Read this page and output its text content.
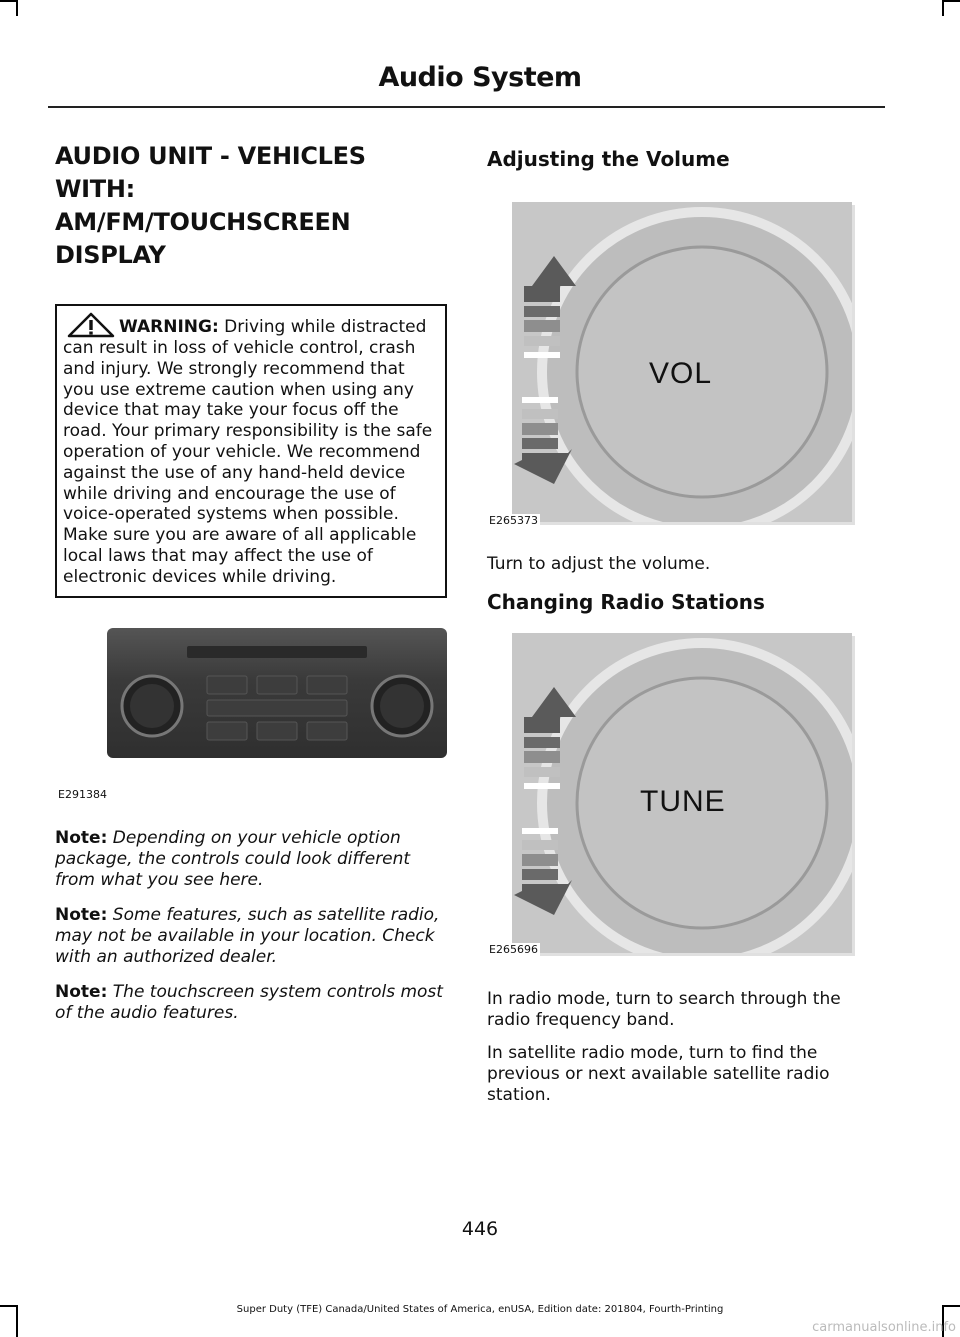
Audio System
AUDIO UNIT - VEHICLES WITH:
AM/FM/TOUCHSCREEN
DISPLAY
WARNING: Driving while distracted can result in loss of vehicle control, crash and injury. We strongly recommend that you use extreme caution when using any device that may take your focus off the road. Your primary responsibility is the safe operation of your vehicle. We recommend against the use of any hand-held device while driving and encourage the use of voice-operated systems when possible. Make sure you are aware of all applicable local laws that may affect the use of electronic devices while driving.
E291384

Note: Depending on your vehicle option package, the controls could look different from what you see here.

Note: Some features, such as satellite radio, may not be available in your location. Check with an authorized dealer.

Note: The touchscreen system controls most of the audio features.

Adjusting the Volume
VOL
E265373

Turn to adjust the volume.

Changing Radio Stations
TUNE
E265696

In radio mode, turn to search through the radio frequency band.

In satellite radio mode, turn to find the previous or next available satellite radio station.

446
Super Duty (TFE) Canada/United States of America, enUSA, Edition date: 201804, Fourth-Printing
carmanualsonline.info
